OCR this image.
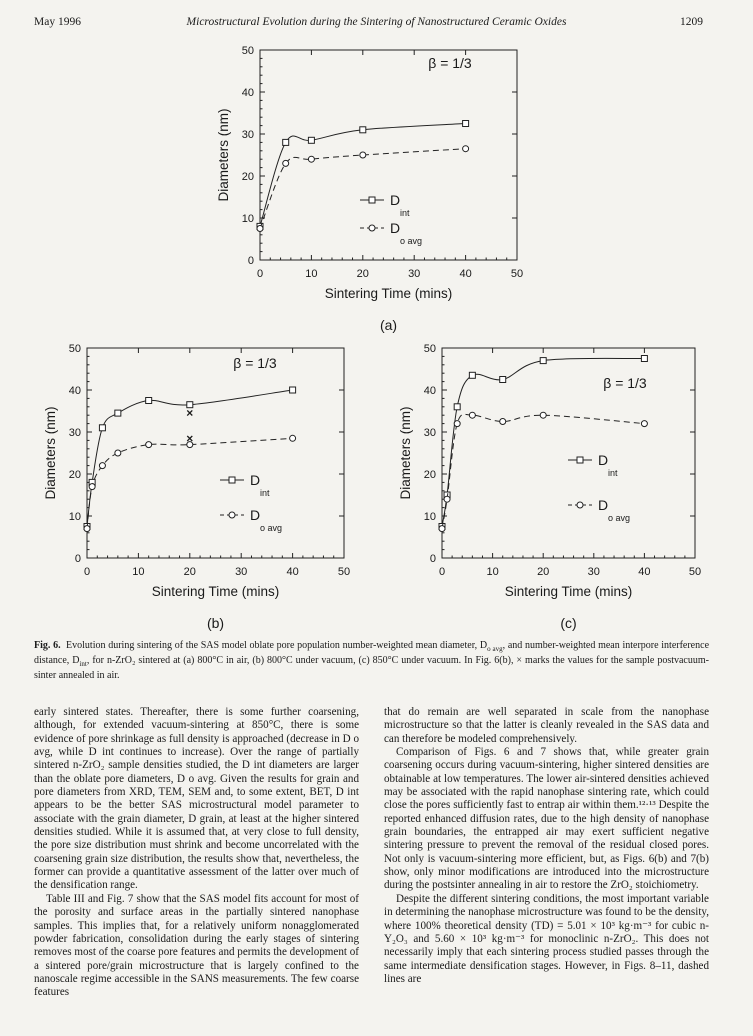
May 1996	Microstructural Evolution during the Sintering of Nanostructured Ceramic Oxides	1209
0	10	20	30	40	50
0
10
20
30
40
50
Sintering Time (mins)
Diameters (nm)
β = 1/3
D
int
D
o avg
(a)
0	10	20	30	40	50
0
10
20
30
40
50
Sintering Time (mins)
Diameters (nm)
β = 1/3
×
×
D
int
D
o avg
(b)
0	10	20	30	40	50
0
10
20
30
40
50
Sintering Time (mins)
Diameters (nm)
β = 1/3
D
int
D
o avg
(c)
Fig. 6. Evolution during sintering of the SAS model oblate pore population number-weighted mean diameter, $D_{o avg}$, and number-weighted mean interpore interference distance, $D_{int}$, for n-ZrO₂ sintered at (a) 800°C in air, (b) 800°C under vacuum, (c) 850°C under vacuum. In Fig. 6(b), × marks the values for the sample postvacuum-sinter annealed in air.

early sintered states. Thereafter, there is some further coarsening, although, for extended vacuum-sintering at 850°C, there is some evidence of pore shrinkage as full density is approached (decrease in D o avg, while D int continues to increase). Over the range of partially sintered n-ZrO₂ sample densities studied, the D int diameters are larger than the oblate pore diameters, D o avg. Given the results for grain and pore diameters from XRD, TEM, SEM and, to some extent, BET, D int appears to be the better SAS microstructural model parameter to associate with the grain diameter, D grain, at least at the higher sintered densities studied. While it is assumed that, at very close to full density, the pore size distribution must shrink and become uncorrelated with the coarsening grain size distribution, the results show that, nevertheless, the former can provide a quantitative assessment of the latter over much of the densification range.

Table III and Fig. 7 show that the SAS model fits account for most of the porosity and surface areas in the partially sintered nanophase samples. This implies that, for a relatively uniform nonagglomerated powder fabrication, consolidation during the early stages of sintering removes most of the coarse pore features and permits the development of a sintered pore/grain microstructure that is largely confined to the nanoscale regime accessible in the SANS measurements. The few coarse features

that do remain are well separated in scale from the nanophase microstructure so that the latter is cleanly revealed in the SAS data and can therefore be modeled comprehensively.

Comparison of Figs. 6 and 7 shows that, while greater grain coarsening occurs during vacuum-sintering, higher sintered densities are obtainable at low temperatures. The lower air-sintered densities achieved may be associated with the rapid nanophase sintering rate, which could close the pores sufficiently fast to entrap air within them.¹²·¹³ Despite the reported enhanced diffusion rates, due to the high density of nanophase grain boundaries, the entrapped air may exert sufficient negative sintering pressure to prevent the removal of the residual closed pores. Not only is vacuum-sintering more efficient, but, as Figs. 6(b) and 7(b) show, only minor modifications are introduced into the microstructure during the postsinter annealing in air to restore the ZrO₂ stoichiometry.

Despite the different sintering conditions, the most important variable in determining the nanophase microstructure was found to be the density, where 100% theoretical density (TD) = 5.01 × 10³ kg·m⁻³ for cubic n-Y₂O₃ and 5.60 × 10³ kg·m⁻³ for monoclinic n-ZrO₂. This does not necessarily imply that each sintering process studied passes through the same intermediate densification stages. However, in Figs. 8–11, dashed lines are
